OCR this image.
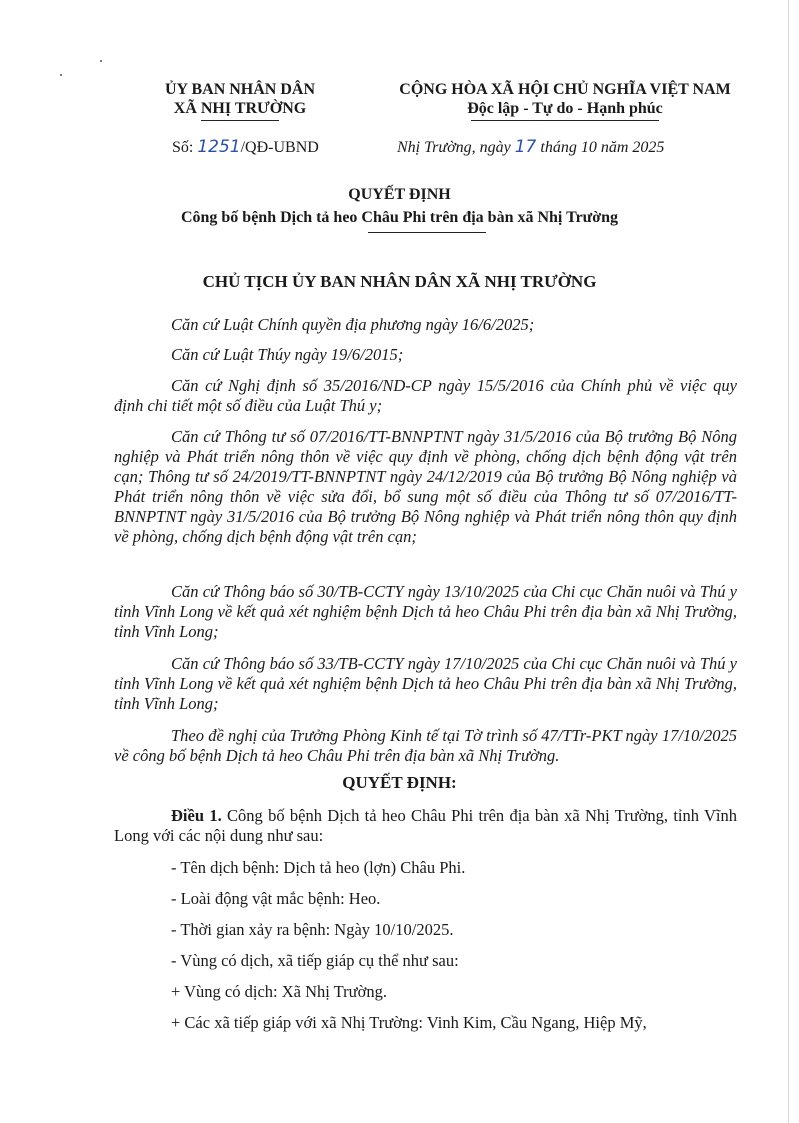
ỦY BAN NHÂN DÂN
XÃ NHỊ TRƯỜNG
CỘNG HÒA XÃ HỘI CHỦ NGHĨA VIỆT NAM
Độc lập - Tự do - Hạnh phúc
Số: 1251/QĐ-UBND	Nhị Trường, ngày 17 tháng 10 năm 2025
QUYẾT ĐỊNH
Công bố bệnh Dịch tả heo Châu Phi trên địa bàn xã Nhị Trường
CHỦ TỊCH ỦY BAN NHÂN DÂN XÃ NHỊ TRƯỜNG
Căn cứ Luật Chính quyền địa phương ngày 16/6/2025;
Căn cứ Luật Thúy ngày 19/6/2015;
Căn cứ Nghị định số 35/2016/ND-CP ngày 15/5/2016 của Chính phủ về việc quy định chi tiết một số điều của Luật Thú y;
Căn cứ Thông tư số 07/2016/TT-BNNPTNT ngày 31/5/2016 của Bộ trưởng Bộ Nông nghiệp và Phát triển nông thôn về việc quy định về phòng, chống dịch bệnh động vật trên cạn; Thông tư số 24/2019/TT-BNNPTNT ngày 24/12/2019 của Bộ trưởng Bộ Nông nghiệp và Phát triển nông thôn về việc sửa đổi, bổ sung một số điều của Thông tư số 07/2016/TT-BNNPTNT ngày 31/5/2016 của Bộ trưởng Bộ Nông nghiệp và Phát triển nông thôn quy định về phòng, chống dịch bệnh động vật trên cạn;
Căn cứ Thông báo số 30/TB-CCTY ngày 13/10/2025 của Chi cục Chăn nuôi và Thú y tỉnh Vĩnh Long về kết quả xét nghiệm bệnh Dịch tả heo Châu Phi trên địa bàn xã Nhị Trường, tỉnh Vĩnh Long;
Căn cứ Thông báo số 33/TB-CCTY ngày 17/10/2025 của Chi cục Chăn nuôi và Thú y tỉnh Vĩnh Long về kết quả xét nghiệm bệnh Dịch tả heo Châu Phi trên địa bàn xã Nhị Trường, tỉnh Vĩnh Long;
Theo đề nghị của Trưởng Phòng Kinh tế tại Tờ trình số 47/TTr-PKT ngày 17/10/2025 về công bố bệnh Dịch tả heo Châu Phi trên địa bàn xã Nhị Trường.
QUYẾT ĐỊNH:
Điều 1. Công bố bệnh Dịch tả heo Châu Phi trên địa bàn xã Nhị Trường, tỉnh Vĩnh Long với các nội dung như sau:
- Tên dịch bệnh: Dịch tả heo (lợn) Châu Phi.
- Loài động vật mắc bệnh: Heo.
- Thời gian xảy ra bệnh: Ngày 10/10/2025.
- Vùng có dịch, xã tiếp giáp cụ thể như sau:
+ Vùng có dịch: Xã Nhị Trường.
+ Các xã tiếp giáp với xã Nhị Trường: Vinh Kim, Cầu Ngang, Hiệp Mỹ,
